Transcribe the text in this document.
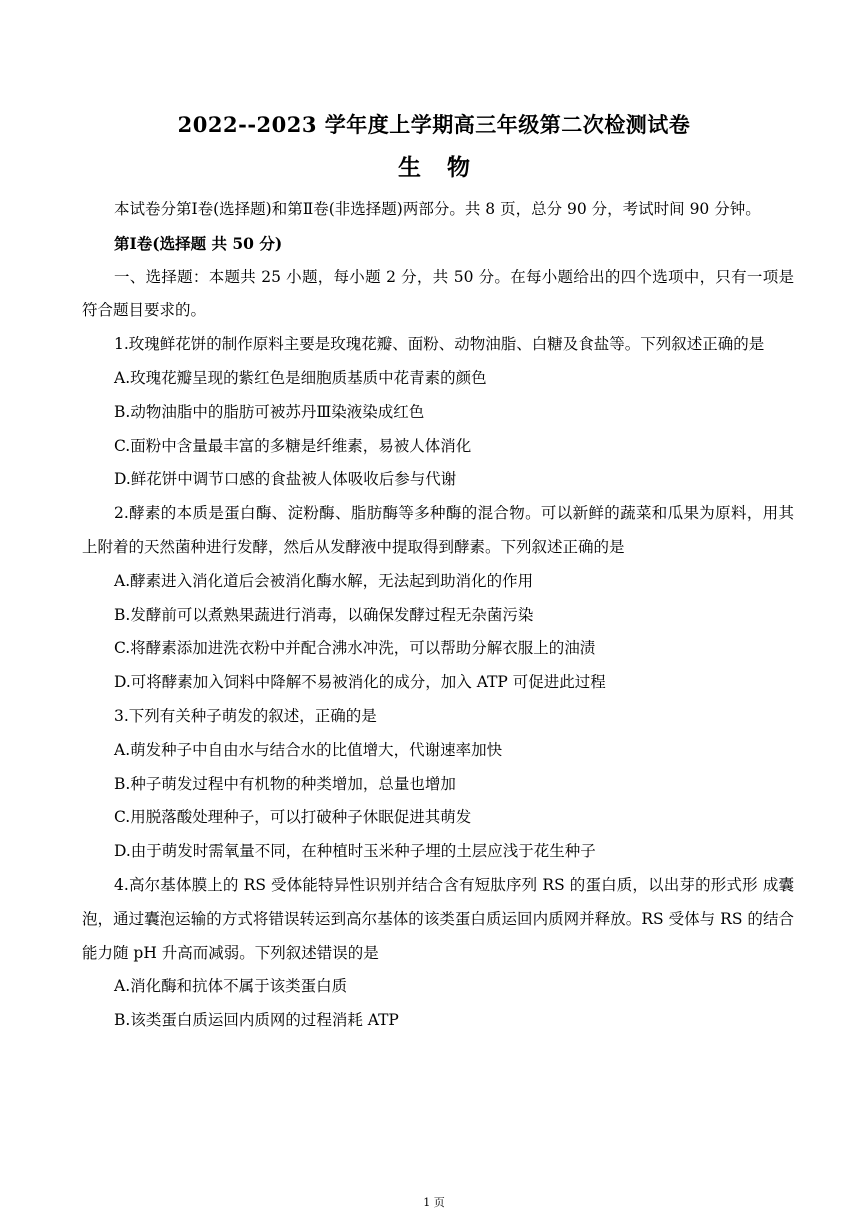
2022--2023 学年度上学期高三年级第二次检测试卷
生 物

本试卷分第Ⅰ卷(选择题)和第Ⅱ卷(非选择题)两部分。共 8 页，总分 90 分，考试时间 90 分钟。

第Ⅰ卷(选择题 共 50 分)

一、选择题：本题共 25 小题，每小题 2 分，共 50 分。在每小题给出的四个选项中，只有一项是符合题目要求的。

1.玫瑰鲜花饼的制作原料主要是玫瑰花瓣、面粉、动物油脂、白糖及食盐等。下列叙述正确的是

A.玫瑰花瓣呈现的紫红色是细胞质基质中花青素的颜色

B.动物油脂中的脂肪可被苏丹Ⅲ染液染成红色

C.面粉中含量最丰富的多糖是纤维素，易被人体消化

D.鲜花饼中调节口感的食盐被人体吸收后参与代谢

2.酵素的本质是蛋白酶、淀粉酶、脂肪酶等多种酶的混合物。可以新鲜的蔬菜和瓜果为原料，用其上附着的天然菌种进行发酵，然后从发酵液中提取得到酵素。下列叙述正确的是

A.酵素进入消化道后会被消化酶水解，无法起到助消化的作用

B.发酵前可以煮熟果蔬进行消毒，以确保发酵过程无杂菌污染

C.将酵素添加进洗衣粉中并配合沸水冲洗，可以帮助分解衣服上的油渍

D.可将酵素加入饲料中降解不易被消化的成分，加入 ATP 可促进此过程

3.下列有关种子萌发的叙述，正确的是

A.萌发种子中自由水与结合水的比值增大，代谢速率加快

B.种子萌发过程中有机物的种类增加，总量也增加

C.用脱落酸处理种子，可以打破种子休眠促进其萌发

D.由于萌发时需氧量不同，在种植时玉米种子埋的土层应浅于花生种子

4.高尔基体膜上的 RS 受体能特异性识别并结合含有短肽序列 RS 的蛋白质，以出芽的形式形 成囊泡，通过囊泡运输的方式将错误转运到高尔基体的该类蛋白质运回内质网并释放。RS 受体与 RS 的结合能力随 pH 升高而减弱。下列叙述错误的是

A.消化酶和抗体不属于该类蛋白质

B.该类蛋白质运回内质网的过程消耗 ATP

1 页
